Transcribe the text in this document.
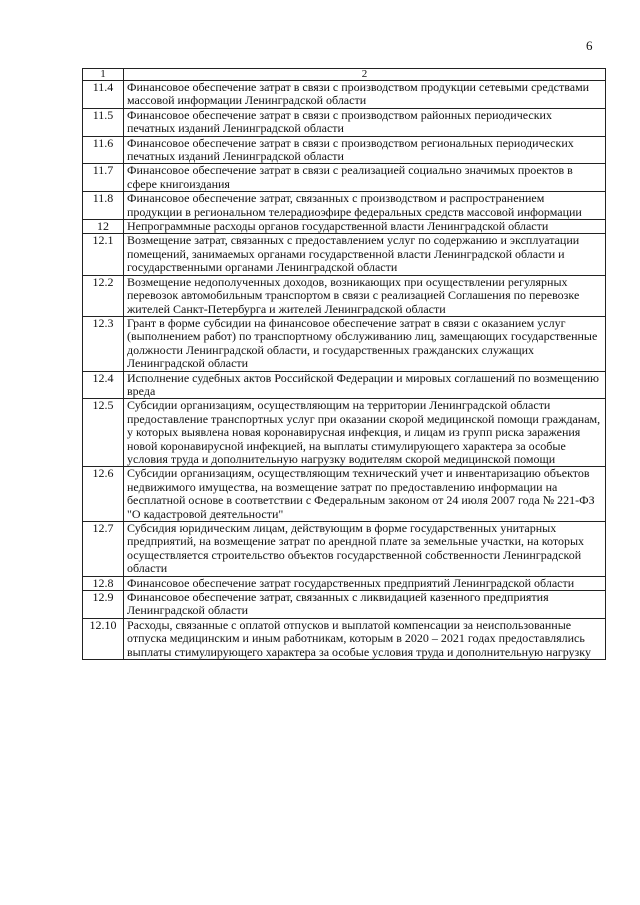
6
1	2
11.4	Финансовое обеспечение затрат в связи с производством продукции сетевыми средствами массовой информации Ленинградской области
11.5	Финансовое обеспечение затрат в связи с производством районных периодических печатных изданий Ленинградской области
11.6	Финансовое обеспечение затрат в связи с производством региональных периодических печатных изданий Ленинградской области
11.7	Финансовое обеспечение затрат в связи с реализацией социально значимых проектов в сфере книгоиздания
11.8	Финансовое обеспечение затрат, связанных с производством и распространением продукции в региональном телерадиоэфире федеральных средств массовой информации
12	Непрограммные расходы органов государственной власти Ленинградской области
12.1	Возмещение затрат, связанных с предоставлением услуг по содержанию и эксплуатации помещений, занимаемых органами государственной власти Ленинградской области и государственными органами Ленинградской области
12.2	Возмещение недополученных доходов, возникающих при осуществлении регулярных перевозок автомобильным транспортом в связи с реализацией Соглашения по перевозке жителей Санкт-Петербурга и жителей Ленинградской области
12.3	Грант в форме субсидии на финансовое обеспечение затрат в связи с оказанием услуг (выполнением работ) по транспортному обслуживанию лиц, замещающих государственные должности Ленинградской области, и государственных гражданских служащих Ленинградской области
12.4	Исполнение судебных актов Российской Федерации и мировых соглашений по возмещению вреда
12.5	Субсидии организациям, осуществляющим на территории Ленинградской области предоставление транспортных услуг при оказании скорой медицинской помощи гражданам, у которых выявлена новая коронавирусная инфекция, и лицам из групп риска заражения новой коронавирусной инфекцией, на выплаты стимулирующего характера за особые условия труда и дополнительную нагрузку водителям скорой медицинской помощи
12.6	Субсидии организациям, осуществляющим технический учет и инвентаризацию объектов недвижимого имущества, на возмещение затрат по предоставлению информации на бесплатной основе в соответствии с Федеральным законом от 24 июля 2007 года № 221-ФЗ "О кадастровой деятельности"
12.7	Субсидия юридическим лицам, действующим в форме государственных унитарных предприятий, на возмещение затрат по арендной плате за земельные участки, на которых осуществляется строительство объектов государственной собственности Ленинградской области
12.8	Финансовое обеспечение затрат государственных предприятий Ленинградской области
12.9	Финансовое обеспечение затрат, связанных с ликвидацией казенного предприятия Ленинградской области
12.10	Расходы, связанные с оплатой отпусков и выплатой компенсации за неиспользованные отпуска медицинским и иным работникам, которым в 2020 – 2021 годах предоставлялись выплаты стимулирующего характера за особые условия труда и дополнительную нагрузку
